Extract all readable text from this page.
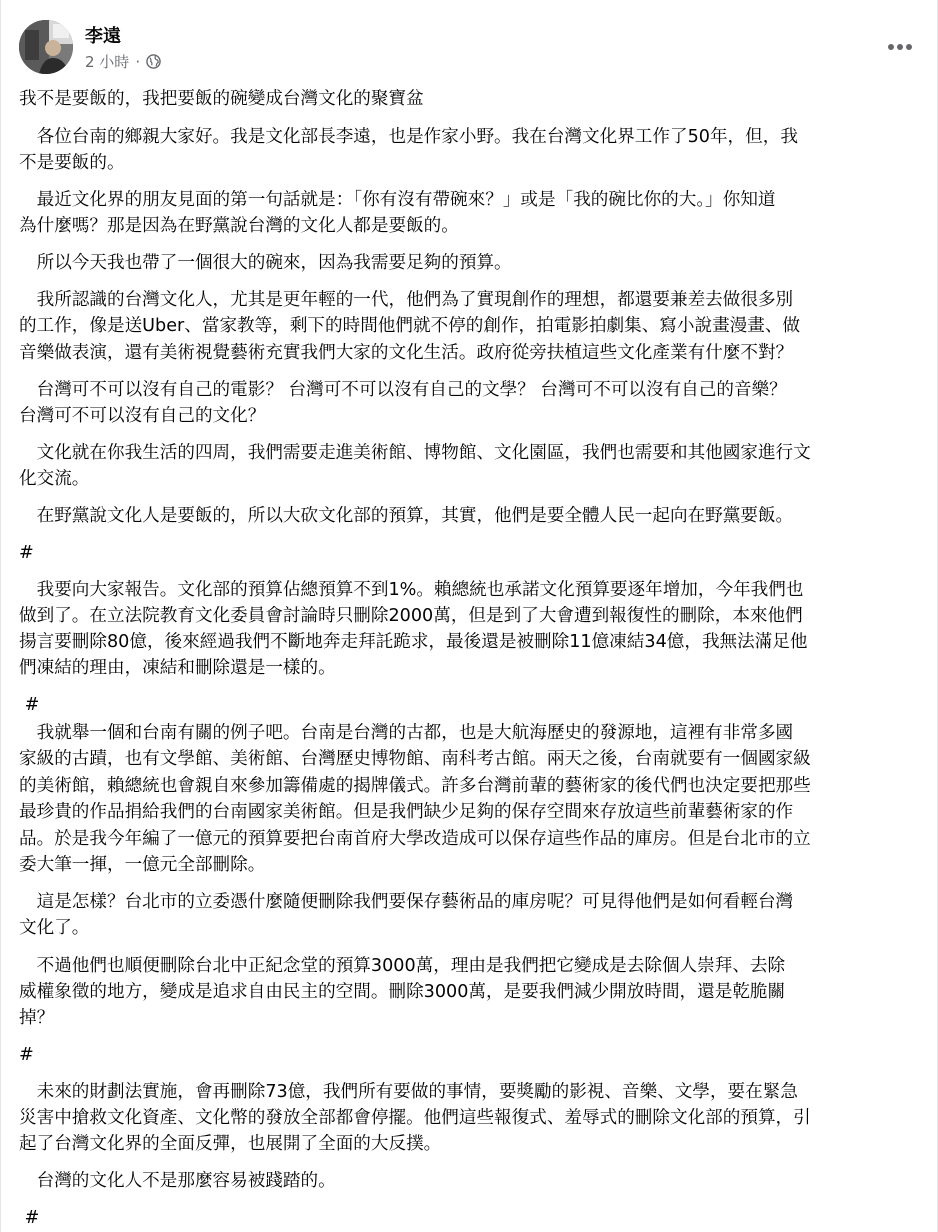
李遠
2 小時 ·
我不是要飯的，我把要飯的碗變成台灣文化的聚寶盆
　各位台南的鄉親大家好。我是文化部長李遠，也是作家小野。我在台灣文化界工作了50年，但，我
不是要飯的。
　最近文化界的朋友見面的第一句話就是：「你有沒有帶碗來？」或是「我的碗比你的大。」你知道
為什麼嗎？那是因為在野黨說台灣的文化人都是要飯的。
　所以今天我也帶了一個很大的碗來，因為我需要足夠的預算。
　我所認識的台灣文化人，尤其是更年輕的一代，他們為了實現創作的理想，都還要兼差去做很多別
的工作，像是送Uber、當家教等，剩下的時間他們就不停的創作，拍電影拍劇集、寫小說畫漫畫、做
音樂做表演，還有美術視覺藝術充實我們大家的文化生活。政府從旁扶植這些文化產業有什麼不對？
　台灣可不可以沒有自己的電影？ 台灣可不可以沒有自己的文學？ 台灣可不可以沒有自己的音樂？
台灣可不可以沒有自己的文化？
　文化就在你我生活的四周，我們需要走進美術館、博物館、文化園區，我們也需要和其他國家進行文
化交流。
　在野黨說文化人是要飯的，所以大砍文化部的預算，其實，他們是要全體人民一起向在野黨要飯。
#
　我要向大家報告。文化部的預算佔總預算不到1%。賴總統也承諾文化預算要逐年增加，今年我們也
做到了。在立法院教育文化委員會討論時只刪除2000萬，但是到了大會遭到報復性的刪除，本來他們
揚言要刪除80億，後來經過我們不斷地奔走拜託跪求，最後還是被刪除11億凍結34億，我無法滿足他
們凍結的理由，凍結和刪除還是一樣的。
#
　我就舉一個和台南有關的例子吧。台南是台灣的古都，也是大航海歷史的發源地，這裡有非常多國
家級的古蹟，也有文學館、美術館、台灣歷史博物館、南科考古館。兩天之後，台南就要有一個國家級
的美術館，賴總統也會親自來參加籌備處的揭牌儀式。許多台灣前輩的藝術家的後代們也決定要把那些
最珍貴的作品捐給我們的台南國家美術館。但是我們缺少足夠的保存空間來存放這些前輩藝術家的作
品。於是我今年編了一億元的預算要把台南首府大學改造成可以保存這些作品的庫房。但是台北市的立
委大筆一揮，一億元全部刪除。
　這是怎樣？台北市的立委憑什麼隨便刪除我們要保存藝術品的庫房呢？可見得他們是如何看輕台灣
文化了。
　不過他們也順便刪除台北中正紀念堂的預算3000萬，理由是我們把它變成是去除個人崇拜、去除
威權象徵的地方，變成是追求自由民主的空間。刪除3000萬，是要我們減少開放時間，還是乾脆關
掉？
#
　未來的財劃法實施，會再刪除73億，我們所有要做的事情，要獎勵的影視、音樂、文學，要在緊急
災害中搶救文化資產、文化幣的發放全部都會停擺。他們這些報復式、羞辱式的刪除文化部的預算，引
起了台灣文化界的全面反彈，也展開了全面的大反撲。
　台灣的文化人不是那麼容易被踐踏的。
#
